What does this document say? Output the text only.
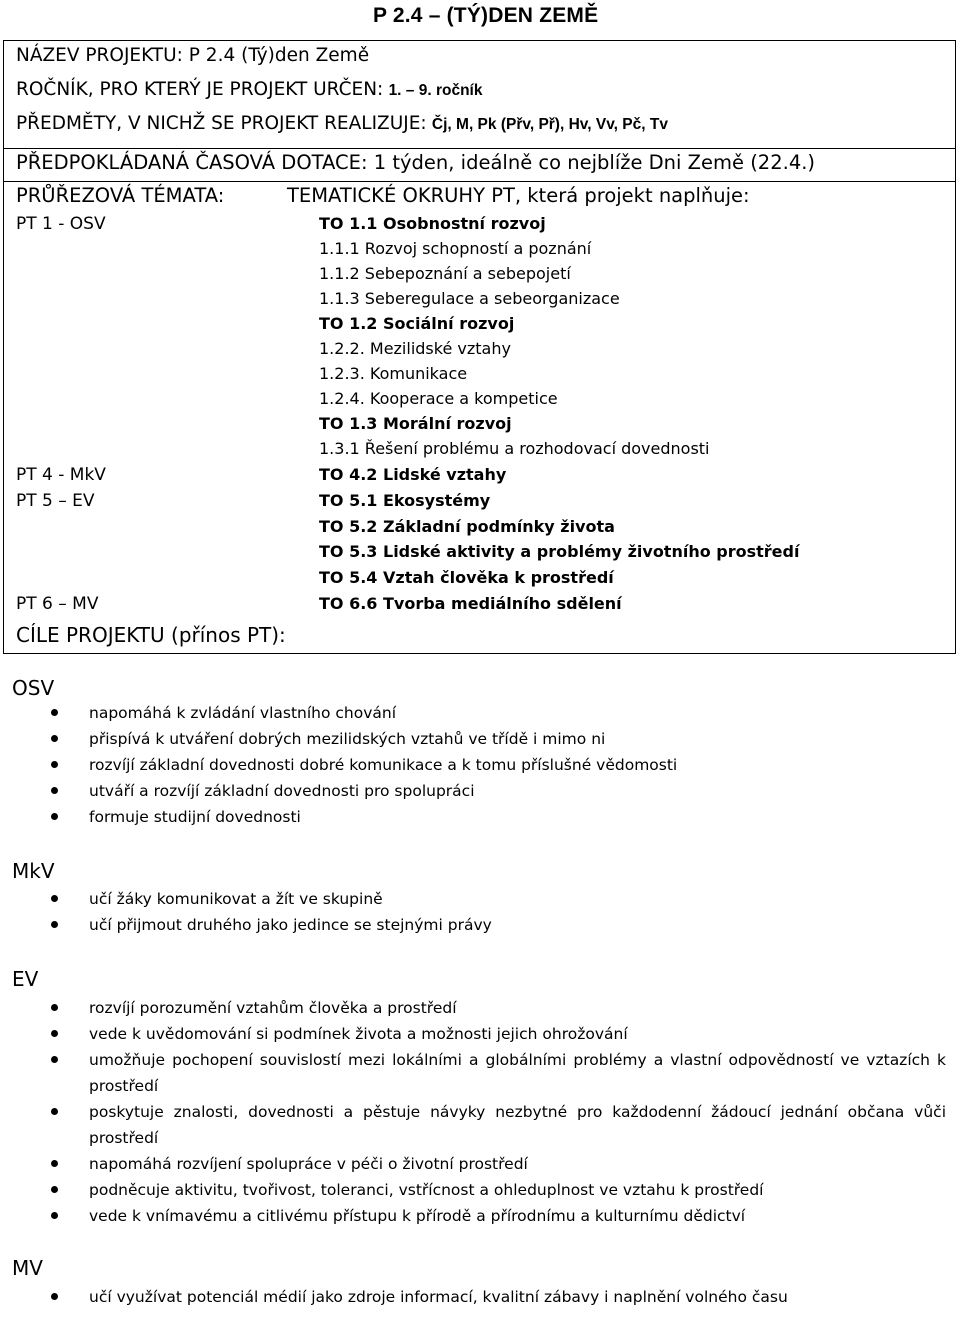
P 2.4 – (TÝ)DEN ZEMĚ
NÁZEV PROJEKTU: P 2.4 (Tý)den Země
ROČNÍK, PRO KTERÝ JE PROJEKT URČEN: 1. – 9. ročník
PŘEDMĚTY, V NICHŽ SE PROJEKT REALIZUJE: Čj, M, Pk (Přv, Př), Hv, Vv, Pč, Tv
PŘEDPOKLÁDANÁ ČASOVÁ DOTACE: 1 týden, ideálně co nejblíže Dni Země (22.4.)
PRŮŘEZOVÁ TÉMATA:	TEMATICKÉ OKRUHY PT, která projekt naplňuje:
PT 1 - OSV
PT 4 - MkV
PT 5 – EV
PT 6 – MV
TO 1.1 Osobnostní rozvoj
1.1.1 Rozvoj schopností a poznání
1.1.2 Sebepoznání a sebepojetí
1.1.3 Seberegulace a sebeorganizace
TO 1.2 Sociální rozvoj
1.2.2. Mezilidské vztahy
1.2.3. Komunikace
1.2.4. Kooperace a kompetice
TO 1.3 Morální rozvoj
1.3.1 Řešení problému a rozhodovací dovednosti
TO 4.2 Lidské vztahy
TO 5.1 Ekosystémy
TO 5.2 Základní podmínky života
TO 5.3 Lidské aktivity a problémy životního prostředí
TO 5.4 Vztah člověka k prostředí
TO 6.6 Tvorba mediálního sdělení
CÍLE PROJEKTU (přínos PT):
OSV
napomáhá k zvládání vlastního chování
přispívá k utváření dobrých mezilidských vztahů ve třídě i mimo ni
rozvíjí základní dovednosti dobré komunikace a k tomu příslušné vědomosti
utváří a rozvíjí základní dovednosti pro spolupráci
formuje studijní dovednosti
MkV
učí žáky komunikovat a žít ve skupině
učí přijmout druhého jako jedince se stejnými právy
EV
rozvíjí porozumění vztahům člověka a prostředí
vede k uvědomování si podmínek života a možnosti jejich ohrožování
umožňuje pochopení souvislostí mezi lokálními a globálními problémy a vlastní odpovědností ve vztazích k prostředí
poskytuje znalosti, dovednosti a pěstuje návyky nezbytné pro každodenní žádoucí jednání občana vůči prostředí
napomáhá rozvíjení spolupráce v péči o životní prostředí
podněcuje aktivitu, tvořivost, toleranci, vstřícnost a ohleduplnost ve vztahu k prostředí
vede k vnímavému a citlivému přístupu k přírodě a přírodnímu a kulturnímu dědictví
MV
učí využívat potenciál médií jako zdroje informací, kvalitní zábavy i naplnění volného času
